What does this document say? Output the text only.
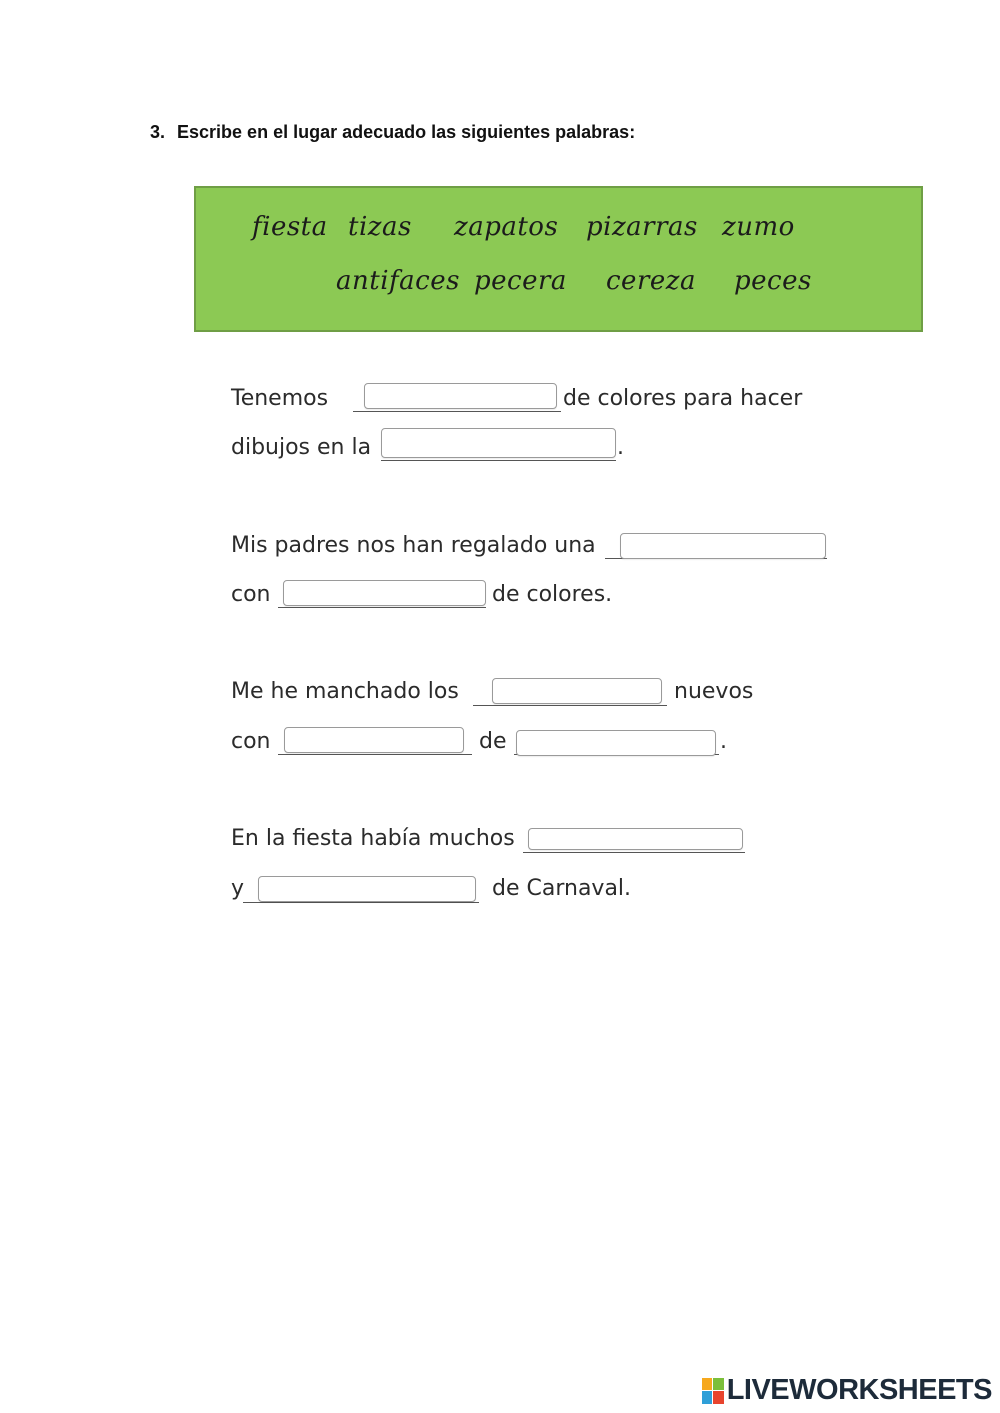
3. Escribe en el lugar adecuado las siguientes palabras:
fiesta tizas zapatos pizarras zumo
antifaces pecera cereza peces
Tenemos	de colores para hacer
dibujos en la	.
Mis padres nos han regalado una
con	de colores.
Me he manchado los	nuevos
con	de	.
En la fiesta había muchos
y	de Carnaval.
LIVEWORKSHEETS
